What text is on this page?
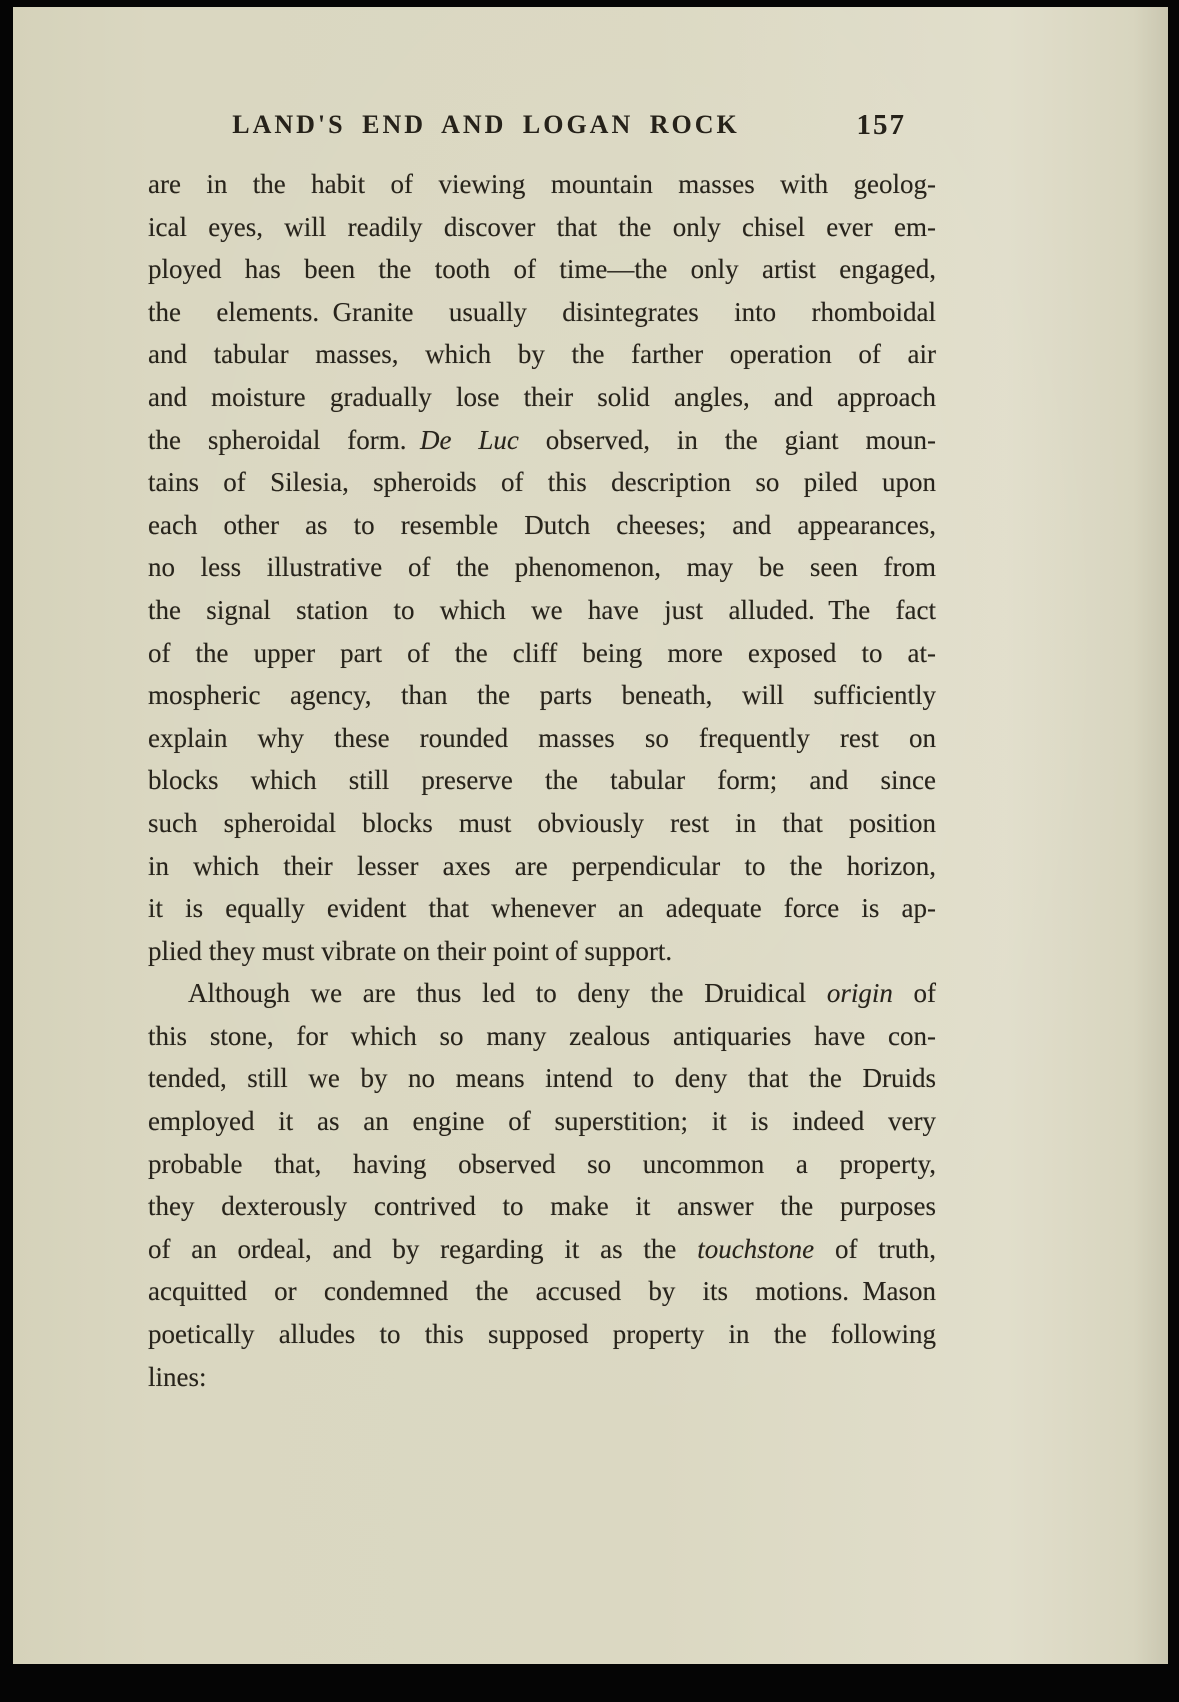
LAND'S END AND LOGAN ROCK	157
are in the habit of viewing mountain masses with geolog-
ical eyes, will readily discover that the only chisel ever em-
ployed has been the tooth of time—the only artist engaged,
the elements. Granite usually disintegrates into rhomboidal
and tabular masses, which by the farther operation of air
and moisture gradually lose their solid angles, and approach
the spheroidal form. De Luc observed, in the giant moun-
tains of Silesia, spheroids of this description so piled upon
each other as to resemble Dutch cheeses; and appearances,
no less illustrative of the phenomenon, may be seen from
the signal station to which we have just alluded. The fact
of the upper part of the cliff being more exposed to at-
mospheric agency, than the parts beneath, will sufficiently
explain why these rounded masses so frequently rest on
blocks which still preserve the tabular form; and since
such spheroidal blocks must obviously rest in that position
in which their lesser axes are perpendicular to the horizon,
it is equally evident that whenever an adequate force is ap-
plied they must vibrate on their point of support.
Although we are thus led to deny the Druidical origin of
this stone, for which so many zealous antiquaries have con-
tended, still we by no means intend to deny that the Druids
employed it as an engine of superstition; it is indeed very
probable that, having observed so uncommon a property,
they dexterously contrived to make it answer the purposes
of an ordeal, and by regarding it as the touchstone of truth,
acquitted or condemned the accused by its motions. Mason
poetically alludes to this supposed property in the following
lines:
